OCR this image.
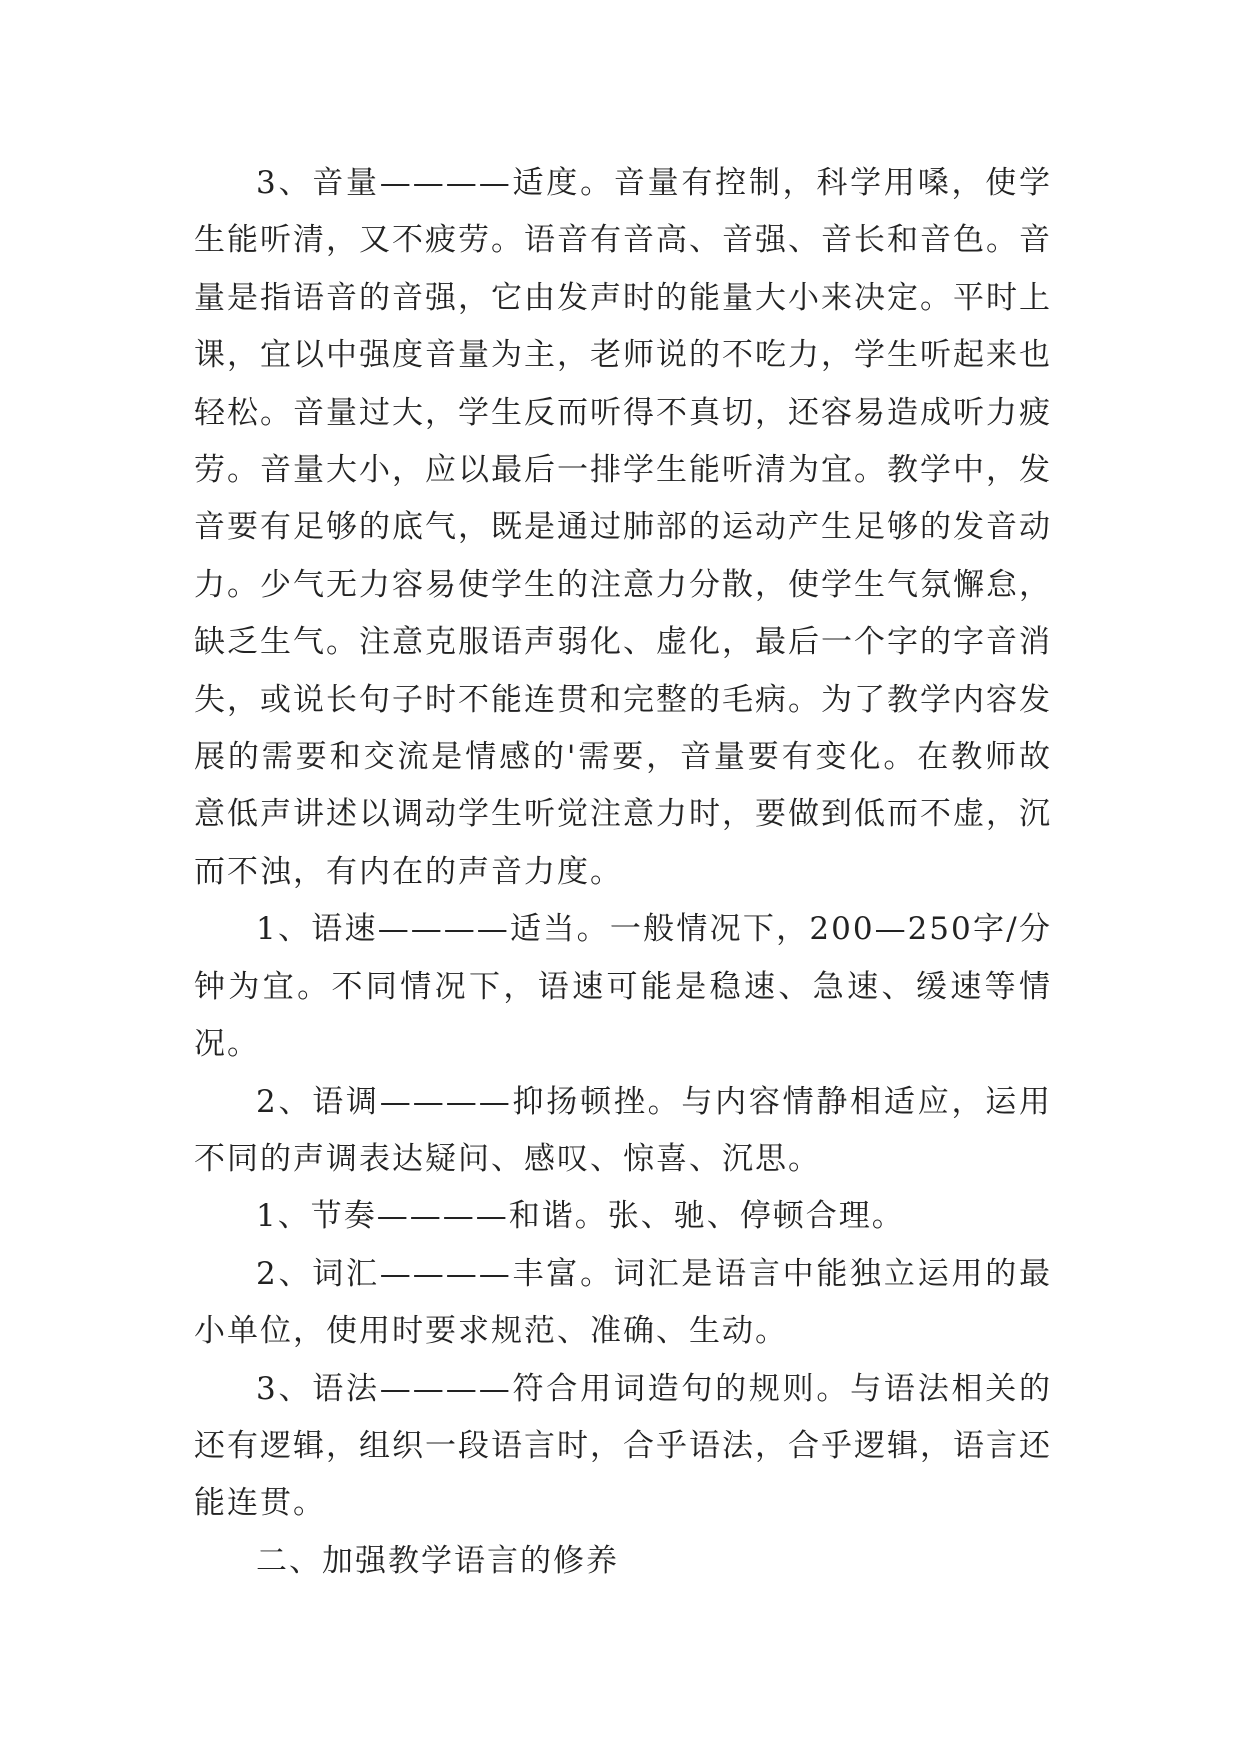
3、音量————适度。音量有控制，科学用嗓，使学生能听清，又不疲劳。语音有音高、音强、音长和音色。音量是指语音的音强，它由发声时的能量大小来决定。平时上课，宜以中强度音量为主，老师说的不吃力，学生听起来也轻松。音量过大，学生反而听得不真切，还容易造成听力疲劳。音量大小，应以最后一排学生能听清为宜。教学中，发音要有足够的底气，既是通过肺部的运动产生足够的发音动力。少气无力容易使学生的注意力分散，使学生气氛懈怠，缺乏生气。注意克服语声弱化、虚化，最后一个字的字音消失，或说长句子时不能连贯和完整的毛病。为了教学内容发展的需要和交流是情感的'需要，音量要有变化。在教师故意低声讲述以调动学生听觉注意力时，要做到低而不虚，沉而不浊，有内在的声音力度。

1、语速————适当。一般情况下，200—250字/分钟为宜。不同情况下，语速可能是稳速、急速、缓速等情况。

2、语调————抑扬顿挫。与内容情静相适应，运用不同的声调表达疑问、感叹、惊喜、沉思。

1、节奏————和谐。张、驰、停顿合理。

2、词汇————丰富。词汇是语言中能独立运用的最小单位，使用时要求规范、准确、生动。

3、语法————符合用词造句的规则。与语法相关的还有逻辑，组织一段语言时，合乎语法，合乎逻辑，语言还能连贯。

二、加强教学语言的修养
